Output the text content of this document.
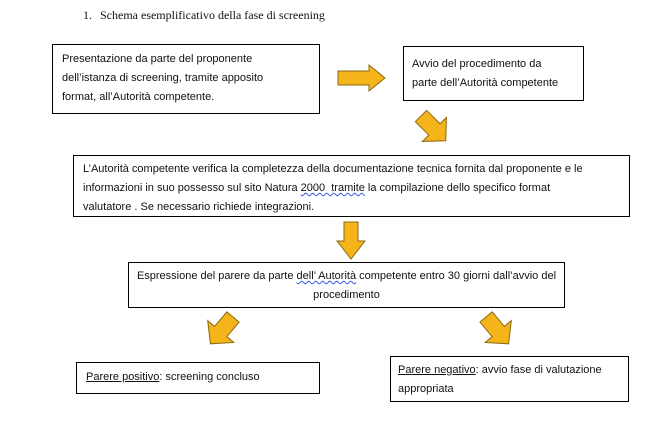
1. Schema esemplificativo della fase di screening
Presentazione da parte del proponente
dell’istanza di screening, tramite apposito
format, all’Autorità competente.
Avvio del procedimento da
parte dell’Autorità competente
L’Autorità competente verifica la completezza della documentazione tecnica fornita dal proponente e le
informazioni in suo possesso sul sito Natura 2000  tramite la compilazione dello specifico format
valutatore . Se necessario richiede integrazioni.
Espressione del parere da parte dell’ Autorità competente entro 30 giorni dall’avvio del
procedimento
Parere positivo: screening concluso
Parere negativo: avvio fase di valutazione
appropriata
